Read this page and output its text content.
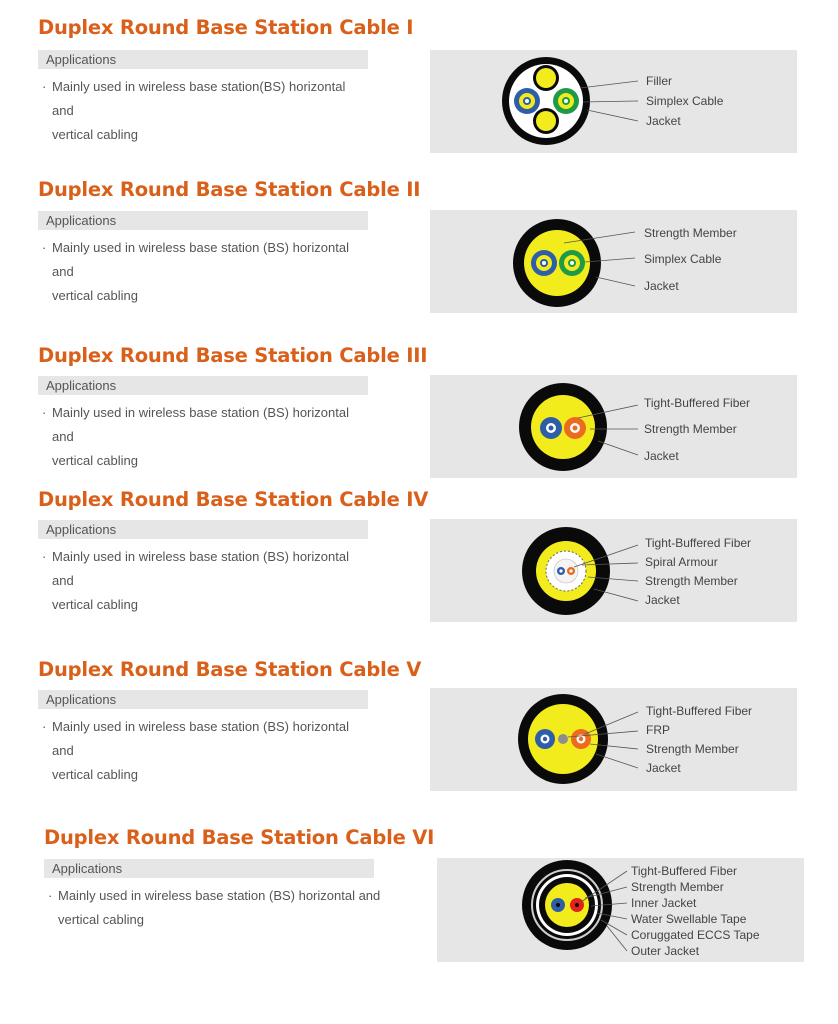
Duplex Round Base Station Cable I
Applications
· Mainly used in wireless base station(BS) horizontal and
vertical cabling
Filler
Simplex Cable
Jacket
Duplex Round Base Station Cable II
Applications
· Mainly used in wireless base station (BS) horizontal and
vertical cabling
Strength Member
Simplex Cable
Jacket
Duplex Round Base Station Cable III
Applications
· Mainly used in wireless base station (BS) horizontal and
vertical cabling
Tight-Buffered Fiber
Strength Member
Jacket
Duplex Round Base Station Cable IV
Applications
· Mainly used in wireless base station (BS) horizontal and
vertical cabling
Tight-Buffered Fiber
Spiral Armour
Strength Member
Jacket
Duplex Round Base Station Cable V
Applications
· Mainly used in wireless base station (BS) horizontal and
vertical cabling
Tight-Buffered Fiber
FRP
Strength Member
Jacket
Duplex Round Base Station Cable VI
Applications
· Mainly used in wireless base station (BS) horizontal and
vertical cabling
Tight-Buffered Fiber
Strength Member
Inner Jacket
Water Swellable Tape
Coruggated ECCS Tape
Outer Jacket
